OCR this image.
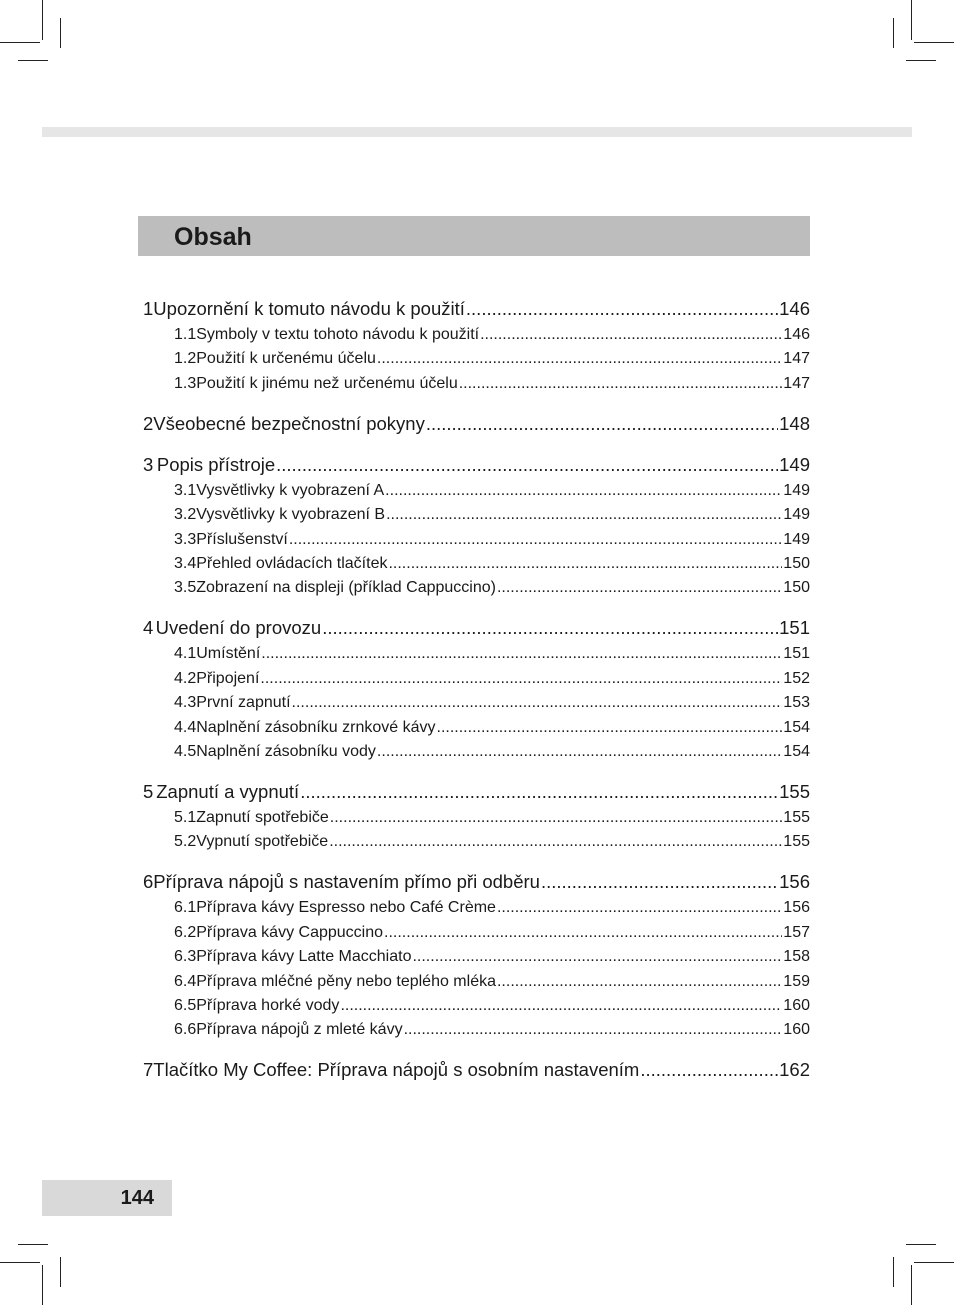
Obsah
1 Upozornění k tomuto návodu k použití .....	146
1.1 Symboly v textu tohoto návodu k použití .....	146
1.2 Použití k určenému účelu .....	147
1.3 Použití k jinému než určenému účelu .....	147
2 Všeobecné bezpečnostní pokyny .....	148
3 Popis přístroje .....	149
3.1 Vysvětlivky k vyobrazení A .....	149
3.2 Vysvětlivky k vyobrazení B .....	149
3.3 Příslušenství .....	149
3.4 Přehled ovládacích tlačítek .....	150
3.5 Zobrazení na displeji (příklad Cappuccino) .....	150
4 Uvedení do provozu .....	151
4.1 Umístění .....	151
4.2 Připojení .....	152
4.3 První zapnutí .....	153
4.4 Naplnění zásobníku zrnkové kávy .....	154
4.5 Naplnění zásobníku vody .....	154
5 Zapnutí a vypnutí .....	155
5.1 Zapnutí spotřebiče .....	155
5.2 Vypnutí spotřebiče .....	155
6 Příprava nápojů s nastavením přímo při odběru .....	156
6.1 Příprava kávy Espresso nebo Café Crème .....	156
6.2 Příprava kávy Cappuccino .....	157
6.3 Příprava kávy Latte Macchiato .....	158
6.4 Příprava mléčné pěny nebo teplého mléka .....	159
6.5 Příprava horké vody .....	160
6.6 Příprava nápojů z mleté kávy .....	160
7 Tlačítko My Coffee: Příprava nápojů s osobním nastavením .....	162
144
